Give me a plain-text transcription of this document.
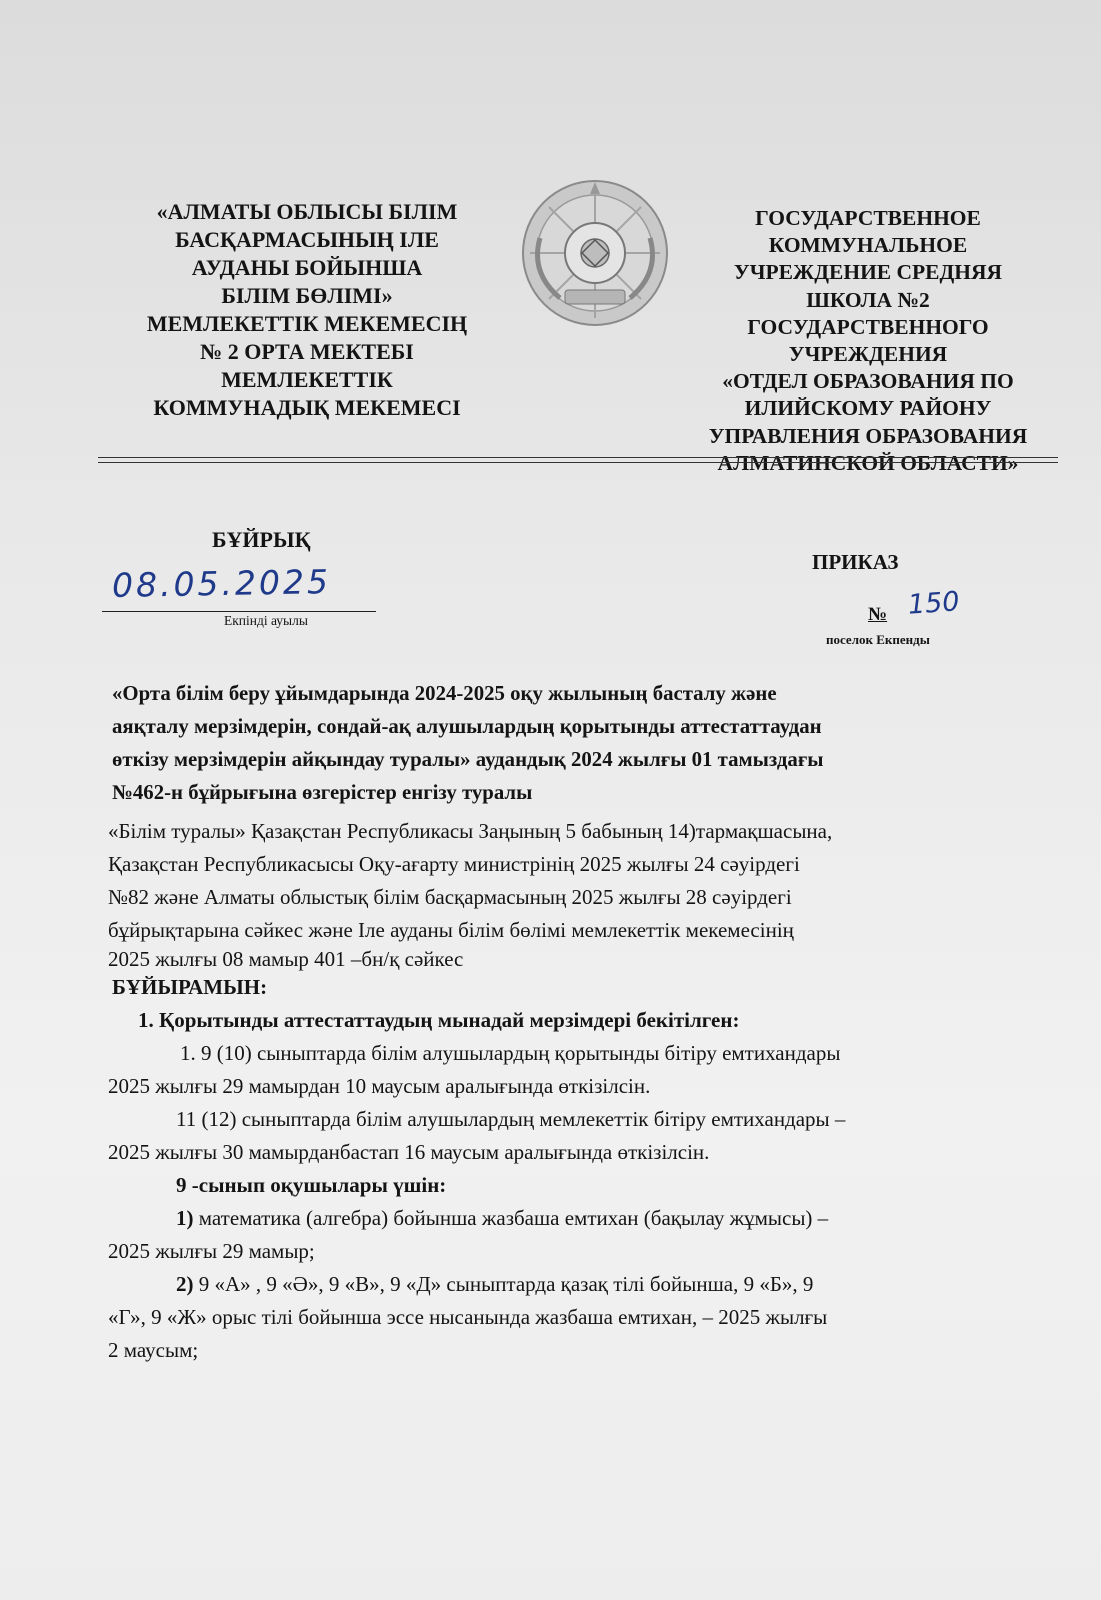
«АЛМАТЫ ОБЛЫСЫ БІЛІМ
БАСҚАРМАСЫНЫҢ ІЛЕ
АУДАНЫ БОЙЫНША
БІЛІМ БӨЛІМІ»
МЕМЛЕКЕТТІК МЕКЕМЕСІҢ
№ 2 ОРТА МЕКТЕБІ
МЕМЛЕКЕТТІК
КОММУНАДЫҚ МЕКЕМЕСІ
ГОСУДАРСТВЕННОЕ
КОММУНАЛЬНОЕ
УЧРЕЖДЕНИЕ СРЕДНЯЯ
ШКОЛА №2
ГОСУДАРСТВЕННОГО
УЧРЕЖДЕНИЯ
«ОТДЕЛ ОБРАЗОВАНИЯ ПО
ИЛИЙСКОМУ РАЙОНУ
УПРАВЛЕНИЯ ОБРАЗОВАНИЯ
АЛМАТИНСКОЙ ОБЛАСТИ»
БҰЙРЫҚ
ПРИКАЗ
08.05.2025
Екпінді ауылы	№ 150
поселок Екпенды
«Орта білім беру ұйымдарында 2024-2025 оқу жылының басталу және
аяқталу мерзімдерін, сондай-ақ алушылардың қорытынды аттестаттаудан
өткізу мерзімдерін айқындау туралы» аудандық 2024 жылғы 01 тамыздағы
№462-н бұйрығына өзгерістер енгізу туралы
«Білім туралы» Қазақстан Республикасы Заңының 5 бабының 14)тармақшасына,
Қазақстан Республикасысы Оқу-ағарту министрінің 2025 жылғы 24 сәуірдегі
№82 және Алматы облыстық білім басқармасының 2025 жылғы 28 сәуірдегі
бұйрықтарына сәйкес және Іле ауданы білім бөлімі мемлекеттік мекемесінің
2025 жылғы 08 мамыр 401 –бн/қ сәйкес
БҰЙЫРАМЫН:
1. Қорытынды аттестаттаудың мынадай мерзімдері бекітілген:
1. 9 (10) сыныптарда білім алушылардың қорытынды бітіру емтихандары
2025 жылғы 29 мамырдан 10 маусым аралығында өткізілсін.
11 (12) сыныптарда білім алушылардың мемлекеттік бітіру емтихандары –
2025 жылғы 30 мамырданбастап 16 маусым аралығында өткізілсін.
9 -сынып оқушылары үшін:
1) математика (алгебра) бойынша жазбаша емтихан (бақылау жұмысы) –
2025 жылғы 29 мамыр;
2) 9 «А» , 9 «Ә», 9 «В», 9 «Д» сыныптарда қазақ тілі бойынша, 9 «Б», 9
«Г», 9 «Ж» орыс тілі бойынша эссе нысанында жазбаша емтихан, – 2025 жылғы
2 маусым;
